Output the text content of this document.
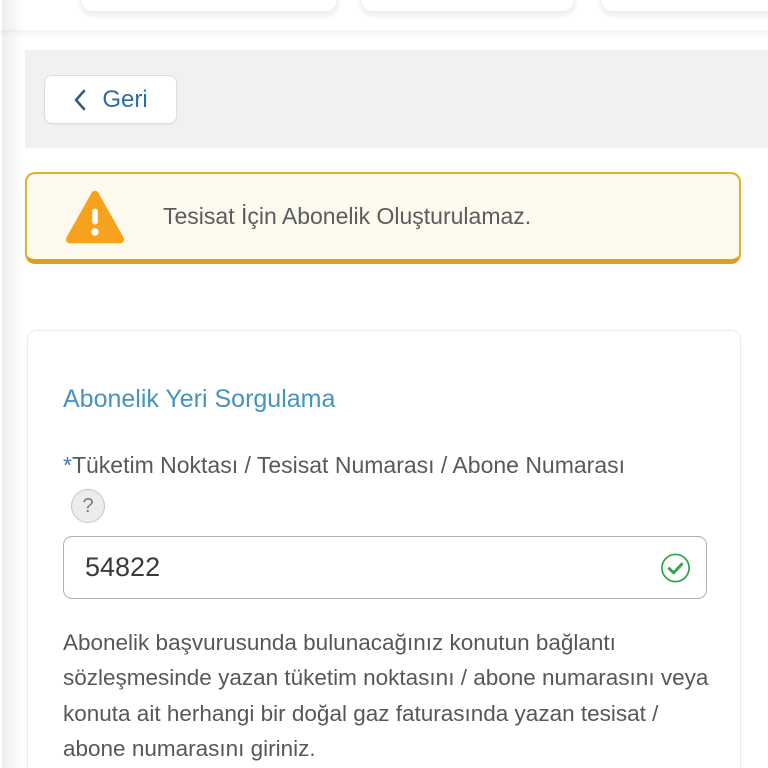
Geri
Tesisat İçin Abonelik Oluşturulamaz.
Abonelik Yeri Sorgulama
*Tüketim Noktası / Tesisat Numarası / Abone Numarası
?
54822
Abonelik başvurusunda bulunacağınız konutun bağlantı sözleşmesinde yazan tüketim noktasını / abone numarasını veya konuta ait herhangi bir doğal gaz faturasında yazan tesisat / abone numarasını giriniz.
